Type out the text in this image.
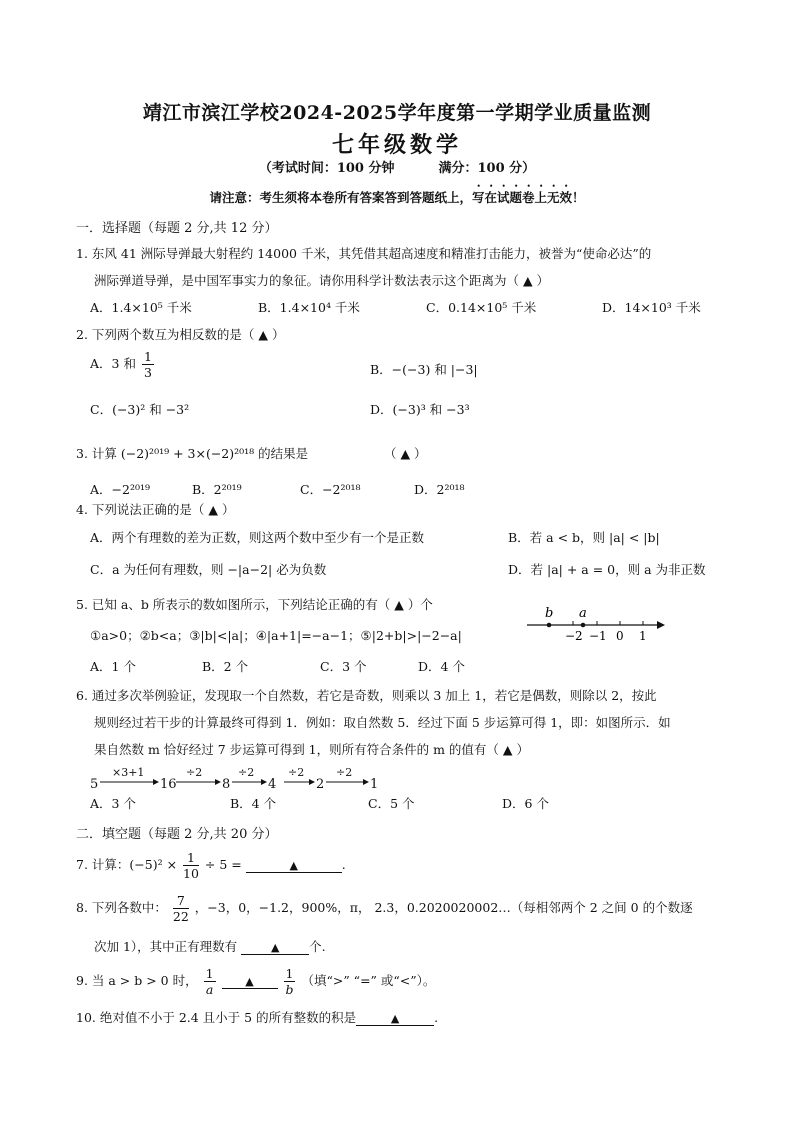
靖江市滨江学校2024-2025学年度第一学期学业质量监测
七年级数学
（考试时间：100 分钟	满分：100 分）
请注意：考生须将本卷所有答案答到答题纸上，写在试题卷上无效！
一．选择题（每题 2 分,共 12 分）
1. 东风 41 洲际导弹最大射程约 14000 千米，其凭借其超高速度和精准打击能力，被誉为“使命必达”的
洲际弹道导弹，是中国军事实力的象征。请你用科学计数法表示这个距离为（ ▲ ）
A．1.4×10⁵ 千米	B．1.4×10⁴ 千米	C．0.14×10⁵ 千米	D．14×10³ 千米
2. 下列两个数互为相反数的是（ ▲ ）
A．3 和 $\frac{1}{3}$	B．−(−3) 和 |−3|
C．(−3)² 和 −3²	D．(−3)³ 和 −3³
3. 计算 (−2)²⁰¹⁹ + 3×(−2)²⁰¹⁸ 的结果是	（ ▲ ）
A．−2²⁰¹⁹	B．2²⁰¹⁹	C．−2²⁰¹⁸	D．2²⁰¹⁸
4. 下列说法正确的是（ ▲ ）
A．两个有理数的差为正数，则这两个数中至少有一个是正数	B．若 a < b，则 |a| < |b|
C．a 为任何有理数，则 −|a−2| 必为负数	D．若 |a| + a = 0，则 a 为非正数
5. 已知 a、b 所表示的数如图所示，下列结论正确的有（ ▲ ）个
①a>0；②b<a；③|b|<|a|；④|a+1|=−a−1；⑤|2+b|>|−2−a|
A．1 个	B．2 个	C．3 个	D．4 个
b a
−2 −1 0 1
6. 通过多次举例验证，发现取一个自然数，若它是奇数，则乘以 3 加上 1，若它是偶数，则除以 2，按此
规则经过若干步的计算最终可得到 1．例如：取自然数 5．经过下面 5 步运算可得 1，即：如图所示．如
果自然数 m 恰好经过 7 步运算可得到 1，则所有符合条件的 m 的值有（ ▲ ）
5
×3+1
16
÷2
8
÷2
4
÷2
2
÷2
1
A．3 个	B．4 个	C．5 个	D．6 个
二．填空题（每题 2 分,共 20 分）
7. 计算：$(-5)^2 \times \frac{1}{10} \div 5$ =	▲	.
8. 下列各数中： $\frac{7}{22}$ ，−3，0，−1.2，900%，π， 2.3，0.2020020002…（每相邻两个 2 之间 0 的个数逐
次加 1），其中正有理数有	▲ 个.
9. 当 a > b > 0 时， $\frac{1}{a}$	▲ $\frac{1}{b}$ （填“>” “=” 或“<”）。
10. 绝对值不小于 2.4 且小于 5 的所有整数的积是	▲	.
